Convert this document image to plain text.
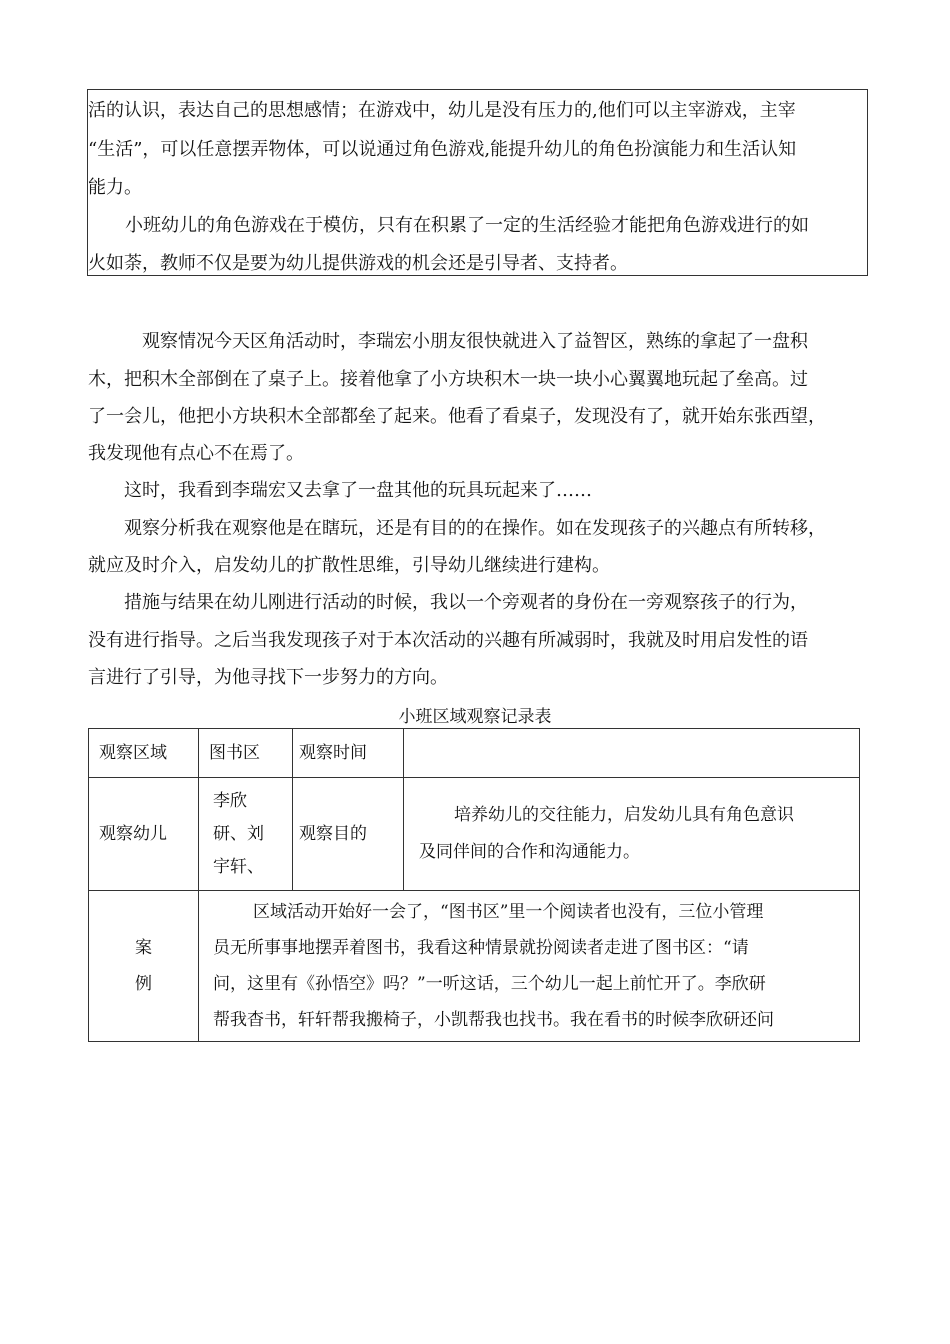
活的认识，表达自己的思想感情；在游戏中，幼儿是没有压力的,他们可以主宰游戏，主宰

“生活”，可以任意摆弄物体，可以说通过角色游戏,能提升幼儿的角色扮演能力和生活认知

能力。

小班幼儿的角色游戏在于模仿，只有在积累了一定的生活经验才能把角色游戏进行的如

火如荼，教师不仅是要为幼儿提供游戏的机会还是引导者、支持者。

观察情况今天区角活动时，李瑞宏小朋友很快就进入了益智区，熟练的拿起了一盘积

木，把积木全部倒在了桌子上。接着他拿了小方块积木一块一块小心翼翼地玩起了垒高。过

了一会儿，他把小方块积木全部都垒了起来。他看了看桌子，发现没有了，就开始东张西望，

我发现他有点心不在焉了。

这时，我看到李瑞宏又去拿了一盘其他的玩具玩起来了……

观察分析我在观察他是在瞎玩，还是有目的的在操作。如在发现孩子的兴趣点有所转移，

就应及时介入，启发幼儿的扩散性思维，引导幼儿继续进行建构。

措施与结果在幼儿刚进行活动的时候，我以一个旁观者的身份在一旁观察孩子的行为，

没有进行指导。之后当我发现孩子对于本次活动的兴趣有所减弱时，我就及时用启发性的语

言进行了引导，为他寻找下一步努力的方向。

小班区域观察记录表

观察区域	图书区	观察时间	
观察幼儿	李欣
研、刘
宇轩、	观察目的	培养幼儿的交往能力，启发幼儿具有角色意识
及同伴间的合作和沟通能力。

案
例	区域活动开始好一会了，“图书区”里一个阅读者也没有，三位小管理
员无所事事地摆弄着图书，我看这种情景就扮阅读者走进了图书区：“请
问，这里有《孙悟空》吗？”一听这话，三个幼儿一起上前忙开了。李欣研
帮我杳书，轩轩帮我搬椅子，小凯帮我也找书。我在看书的时候李欣研还问		
